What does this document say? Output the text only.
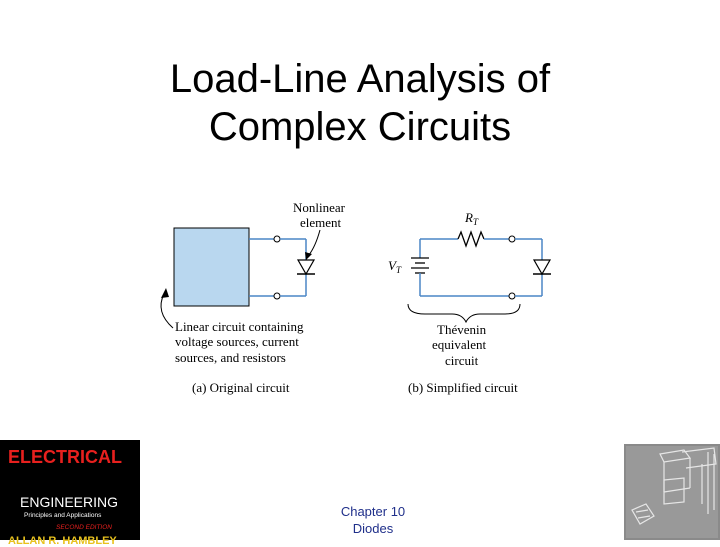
Load-Line Analysis of
Complex Circuits
Nonlinear
element
Linear circuit containing
voltage sources, current
sources, and resistors
(a) Original circuit
$R_T$
$V_T$
Thévenin
equivalent
circuit
(b) Simplified circuit
ELECTRICAL
ENGINEERING
Principles and Applications
SECOND EDITION
ALLAN R. HAMBLEY
Chapter 10
Diodes
